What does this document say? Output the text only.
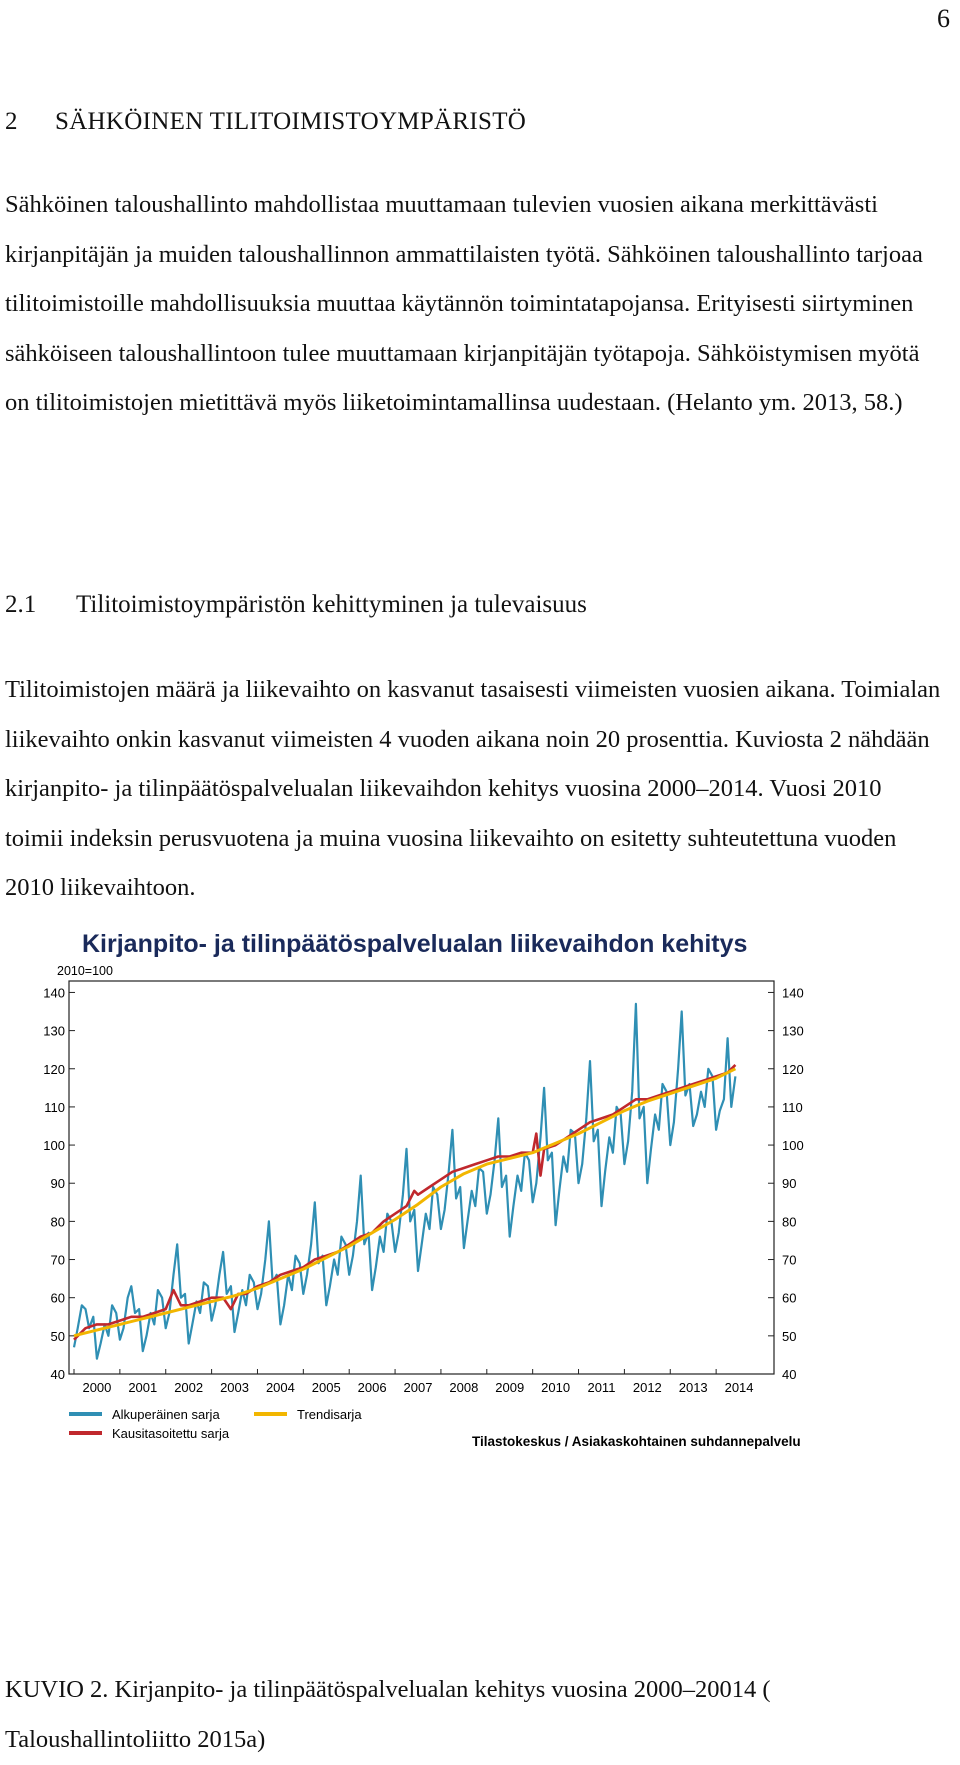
6
2 SÄHKÖINEN TILITOIMISTOYMPÄRISTÖ
Sähköinen taloushallinto mahdollistaa muuttamaan tulevien vuosien aikana merkittävästi kirjanpitäjän ja muiden taloushallinnon ammattilaisten työtä. Sähköinen taloushallinto tarjoaa tilitoimistoille mahdollisuuksia muuttaa käytännön toimintatapojansa. Erityisesti siirtyminen sähköiseen taloushallintoon tulee muuttamaan kirjanpitäjän työtapoja. Sähköistymisen myötä on tilitoimistojen mietittävä myös liiketoimintamallinsa uudestaan. (Helanto ym. 2013, 58.)
2.1 Tilitoimistoympäristön kehittyminen ja tulevaisuus
Tilitoimistojen määrä ja liikevaihto on kasvanut tasaisesti viimeisten vuosien aikana. Toimialan liikevaihto onkin kasvanut viimeisten 4 vuoden aikana noin 20 prosenttia. Kuviosta 2 nähdään kirjanpito- ja tilinpäätöspalvelualan liikevaihdon kehitys vuosina 2000–2014. Vuosi 2010 toimii indeksin perusvuotena ja muina vuosina liikevaihto on esitetty suhteutettuna vuoden 2010 liikevaihtoon.
Kirjanpito- ja tilinpäätöspalvelualan liikevaihdon kehitys
2010=100
40
50
60
70
80
90
100
110
120
130
140
40
50
60
70
80
90
100
110
120
130
140
2000 2001 2002 2003 2004 2005 2006 2007 2008 2009 2010 2011 2012 2013 2014
Alkuperäinen sarja
Kausitasoitettu sarja
Trendisarja
Tilastokeskus / Asiakaskohtainen suhdannepalvelu
KUVIO 2. Kirjanpito- ja tilinpäätöspalvelualan kehitys vuosina 2000–20014 ( Taloushallintoliitto 2015a)
